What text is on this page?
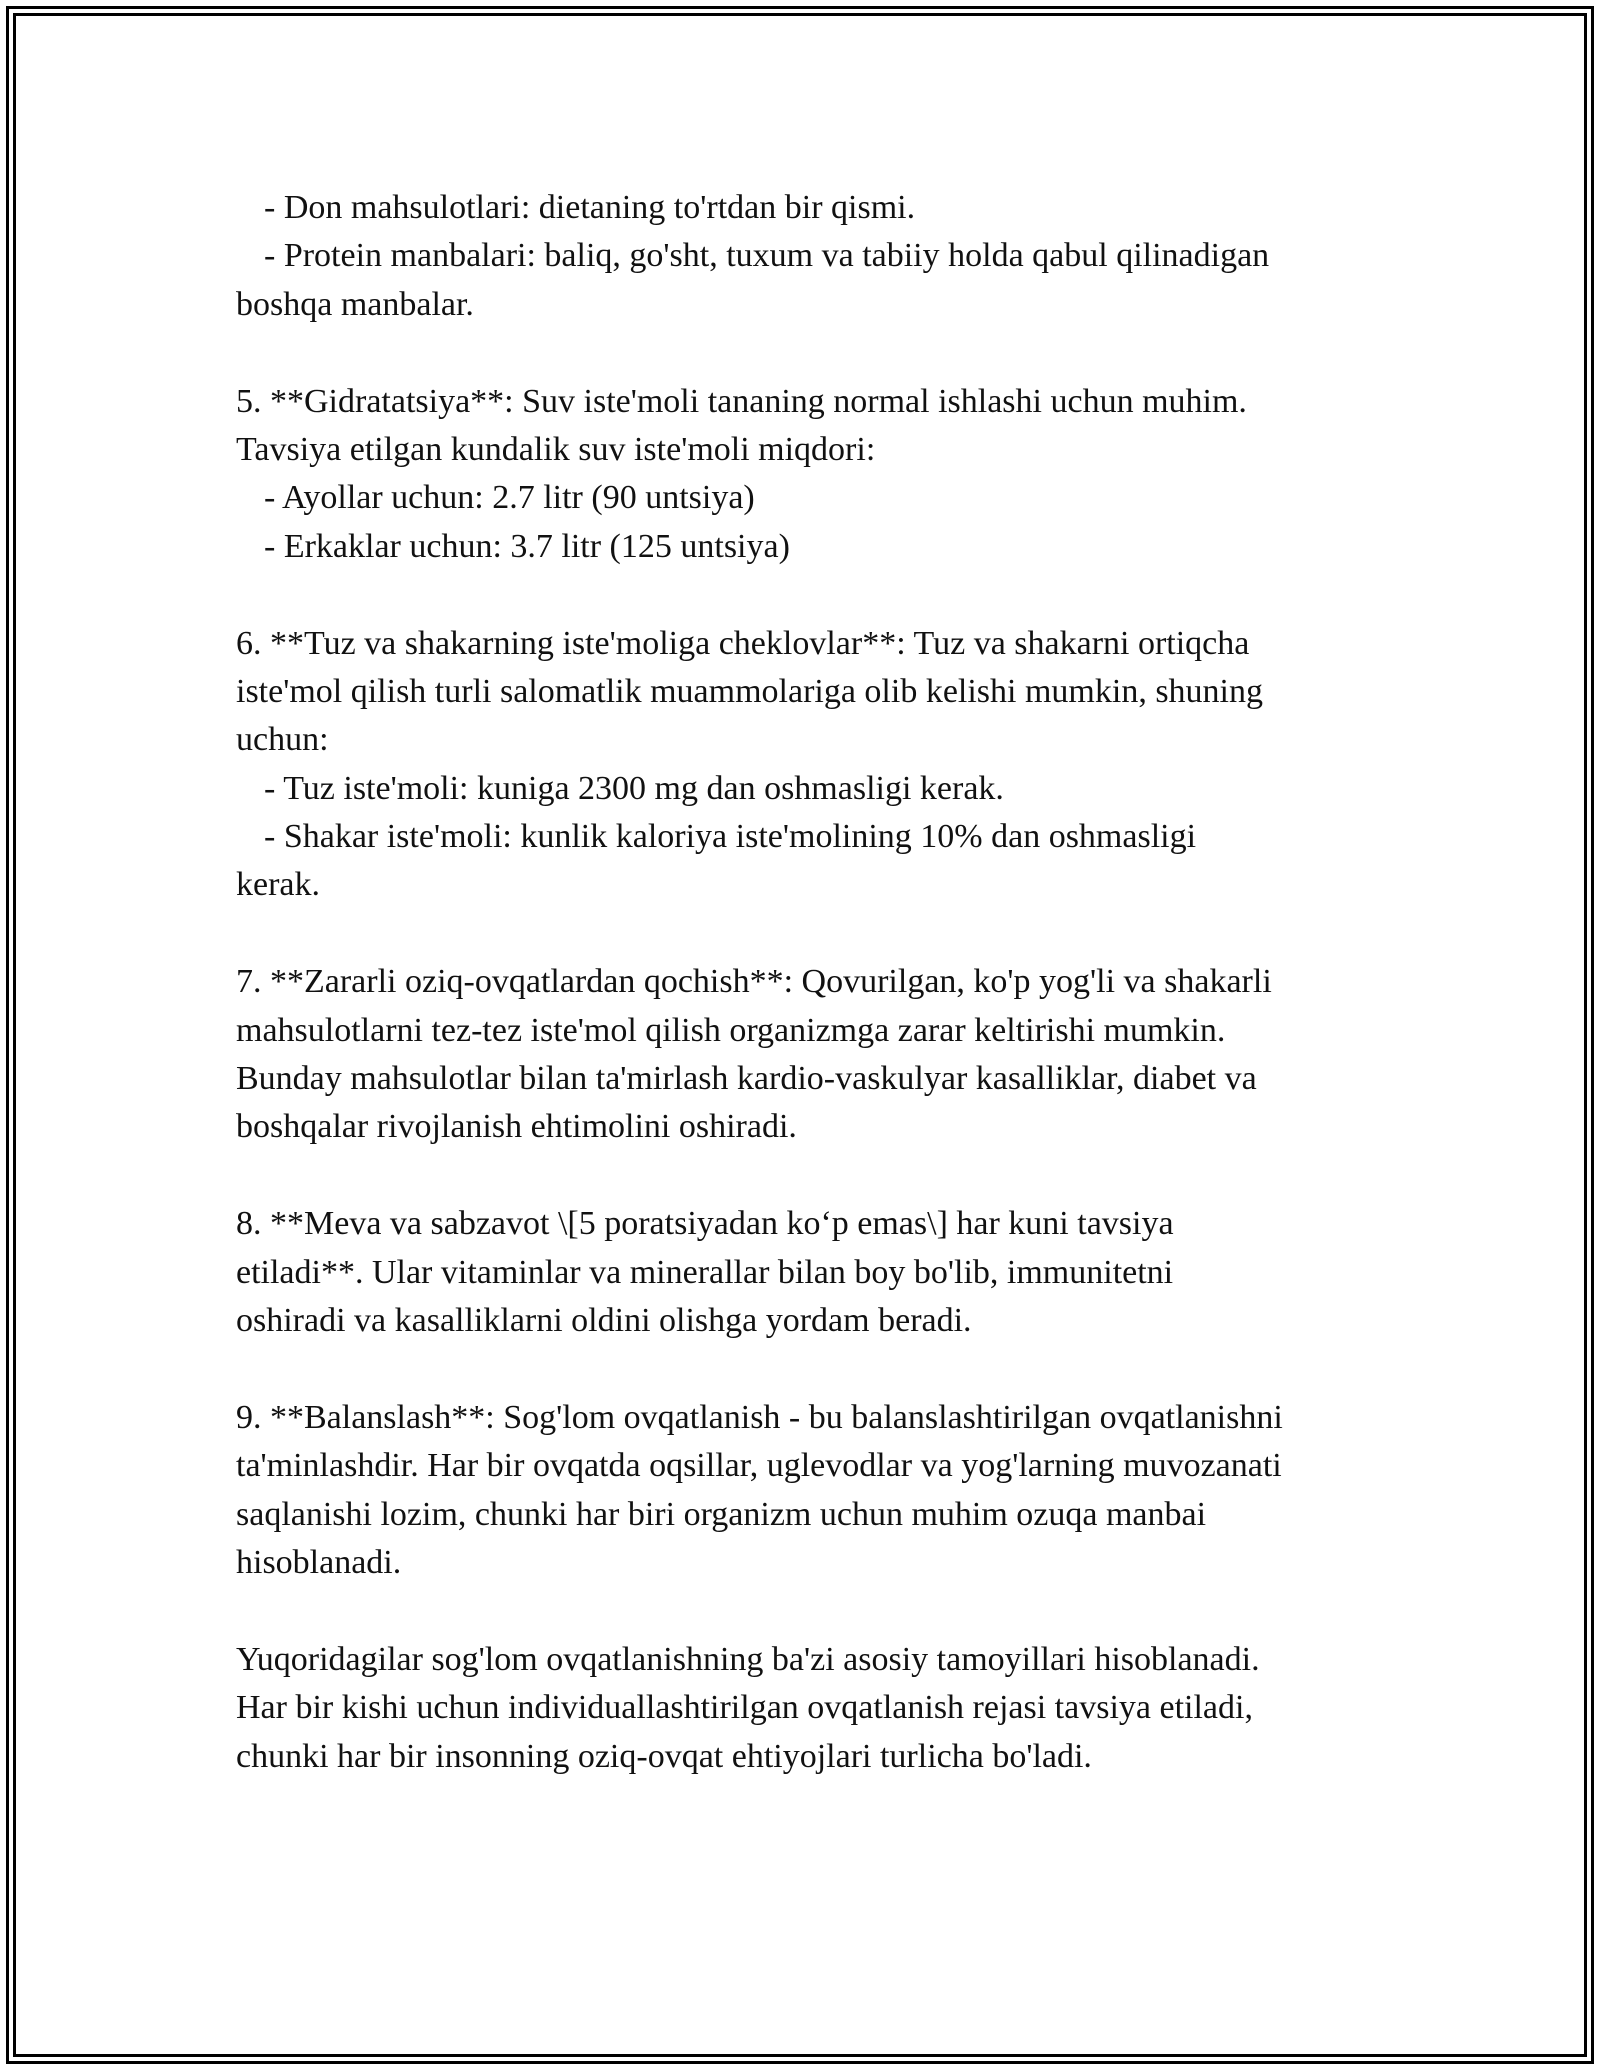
- Don mahsulotlari: dietaning to'rtdan bir qismi.

- Protein manbalari: baliq, go'sht, tuxum va tabiiy holda qabul qilinadigan

boshqa manbalar.

5. **Gidratatsiya**: Suv iste'moli tananing normal ishlashi uchun muhim.

Tavsiya etilgan kundalik suv iste'moli miqdori:

- Ayollar uchun: 2.7 litr (90 untsiya)

- Erkaklar uchun: 3.7 litr (125 untsiya)

6. **Tuz va shakarning iste'moliga cheklovlar**: Tuz va shakarni ortiqcha

iste'mol qilish turli salomatlik muammolariga olib kelishi mumkin, shuning

uchun:

- Tuz iste'moli: kuniga 2300 mg dan oshmasligi kerak.

- Shakar iste'moli: kunlik kaloriya iste'molining 10% dan oshmasligi

kerak.

7. **Zararli oziq-ovqatlardan qochish**: Qovurilgan, ko'p yog'li va shakarli

mahsulotlarni tez-tez iste'mol qilish organizmga zarar keltirishi mumkin.

Bunday mahsulotlar bilan ta'mirlash kardio-vaskulyar kasalliklar, diabet va

boshqalar rivojlanish ehtimolini oshiradi.

8. **Meva va sabzavot \[5 poratsiyadan ko‘p emas\] har kuni tavsiya

etiladi**. Ular vitaminlar va minerallar bilan boy bo'lib, immunitetni

oshiradi va kasalliklarni oldini olishga yordam beradi.

9. **Balanslash**: Sog'lom ovqatlanish - bu balanslashtirilgan ovqatlanishni

ta'minlashdir. Har bir ovqatda oqsillar, uglevodlar va yog'larning muvozanati

saqlanishi lozim, chunki har biri organizm uchun muhim ozuqa manbai

hisoblanadi.

Yuqoridagilar sog'lom ovqatlanishning ba'zi asosiy tamoyillari hisoblanadi.

Har bir kishi uchun individuallashtirilgan ovqatlanish rejasi tavsiya etiladi,

chunki har bir insonning oziq-ovqat ehtiyojlari turlicha bo'ladi.
